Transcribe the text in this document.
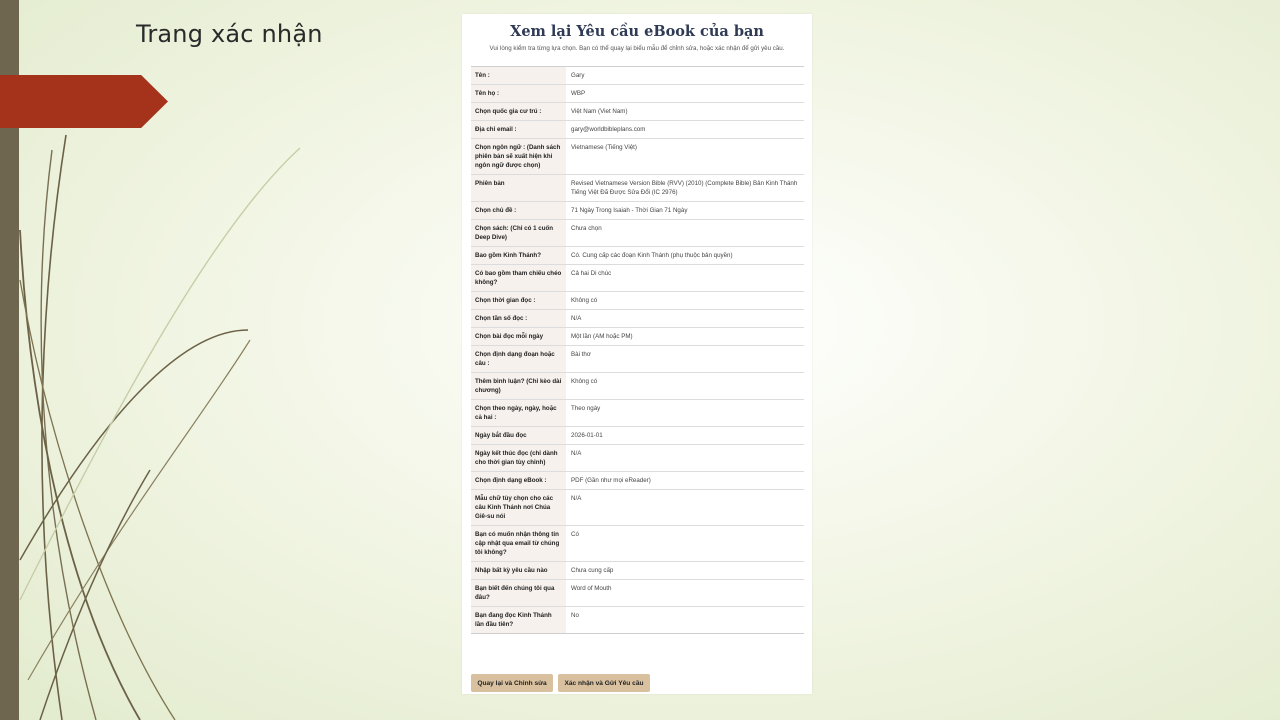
Trang xác nhận	Xem lại Yêu cầu eBook của bạn

Vui lòng kiểm tra từng lựa chọn. Bạn có thể quay lại biểu mẫu để chỉnh sửa, hoặc xác nhận để gửi yêu cầu.

Tên :	Gary
Tên họ :	WBP
Chọn quốc gia cư trú :	Việt Nam (Viet Nam)
Địa chỉ email :	gary@worldbibleplans.com
Chọn ngôn ngữ : (Danh sách phiên bản sẽ xuất hiện khi ngôn ngữ được chọn)	Vietnamese (Tiếng Việt)
Phiên bản	Revised Vietnamese Version Bible (RVV) (2010) (Complete Bible) Bản Kinh Thánh Tiếng Việt Đã Được Sửa Đổi (IC 2976)
Chọn chủ đề :	71 Ngày Trong Isaiah - Thời Gian 71 Ngày
Chọn sách: (Chỉ có 1 cuốn Deep Dive)	Chưa chọn
Bao gồm Kinh Thánh?	Có. Cung cấp các đoạn Kinh Thánh (phụ thuộc bản quyền)
Có bao gồm tham chiếu chéo không?	Cả hai Di chúc
Chọn thời gian đọc :	Không có
Chọn tần số đọc :	N/A
Chọn bài đọc mỗi ngày	Một lần (AM hoặc PM)
Chọn định dạng đoạn hoặc câu :	Bài thơ
Thêm bình luận? (Chỉ kèo dài chương)	Không có
Chọn theo ngày, ngày, hoặc cả hai :	Theo ngày
Ngày bắt đầu đọc	2026-01-01
Ngày kết thúc đọc (chỉ dành cho thời gian tùy chỉnh)	N/A
Chọn định dạng eBook :	PDF (Gần như mọi eReader)
Mẫu chữ tùy chọn cho các câu Kinh Thánh nơi Chúa Giê-su nói	N/A
Bạn có muốn nhận thông tin cập nhật qua email từ chúng tôi không?	Có
Nhập bất kỳ yêu cầu nào	Chưa cung cấp
Bạn biết đến chúng tôi qua đâu?	Word of Mouth
Bạn đang đọc Kinh Thánh lần đầu tiên?	No
Quay lại và Chỉnh sửa	Xác nhận và Gửi Yêu cầu
